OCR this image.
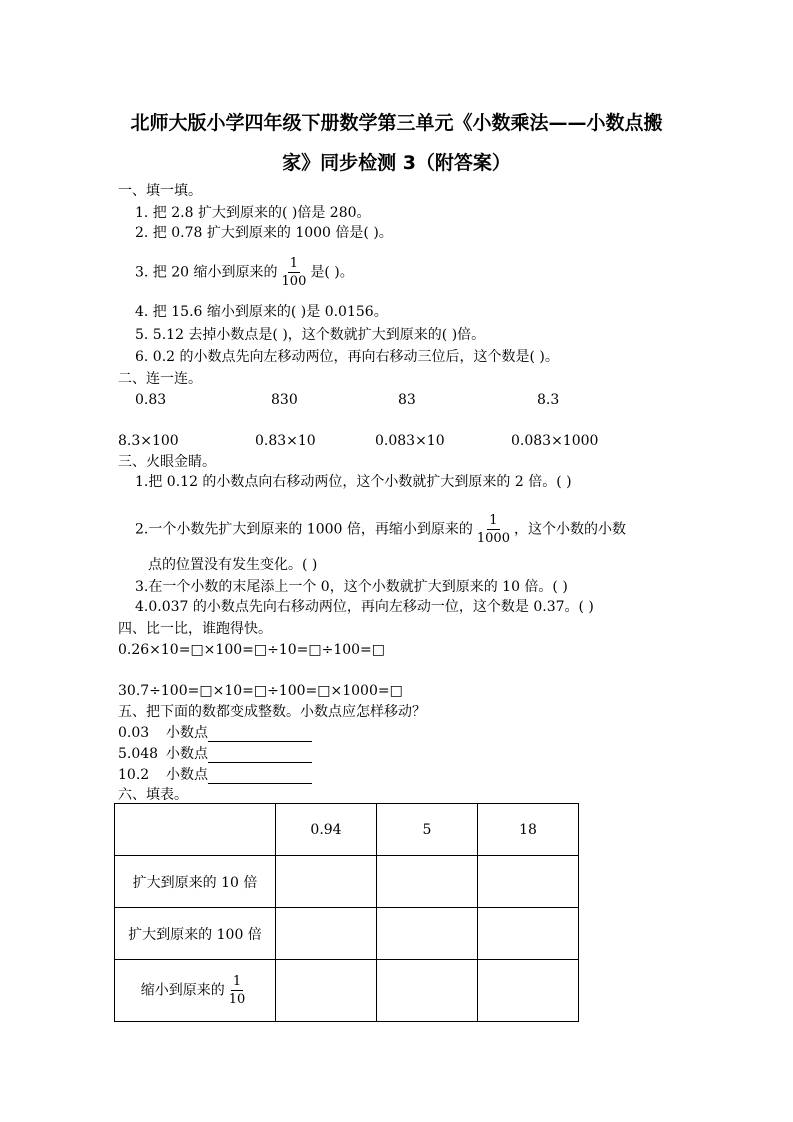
北师大版小学四年级下册数学第三单元《小数乘法——小数点搬
家》同步检测 3（附答案）
一、填一填。
1. 把 2.8 扩大到原来的( )倍是 280。
2. 把 0.78 扩大到原来的 1000 倍是( )。
3. 把 20 缩小到原来的 $\frac{1}{100}$ 是( )。
4. 把 15.6 缩小到原来的( )是 0.0156。
5. 5.12 去掉小数点是( )，这个数就扩大到原来的( )倍。
6. 0.2 的小数点先向左移动两位，再向右移动三位后，这个数是( )。
二、连一连。
0.83	830	83	8.3
8.3×100	0.83×10	0.083×10	0.083×1000
三、火眼金睛。
1.把 0.12 的小数点向右移动两位，这个小数就扩大到原来的 2 倍。( )
2.一个小数先扩大到原来的 1000 倍，再缩小到原来的 $\frac{1}{1000}$ ，这个小数的小数
点的位置没有发生变化。( )
3.在一个小数的末尾添上一个 0，这个小数就扩大到原来的 10 倍。( )
4.0.037 的小数点先向右移动两位，再向左移动一位，这个数是 0.37。( )
四、比一比，谁跑得快。
0.26×10=□×100=□÷10=□÷100=□
30.7÷100=□×10=□÷100=□×1000=□
五、把下面的数都变成整数。小数点应怎样移动？
0.03 小数点
5.048 小数点
10.2 小数点
六、填表。
	0.94	5	18
扩大到原来的 10 倍			
扩大到原来的 100 倍			
缩小到原来的 $\frac{1}{10}$
